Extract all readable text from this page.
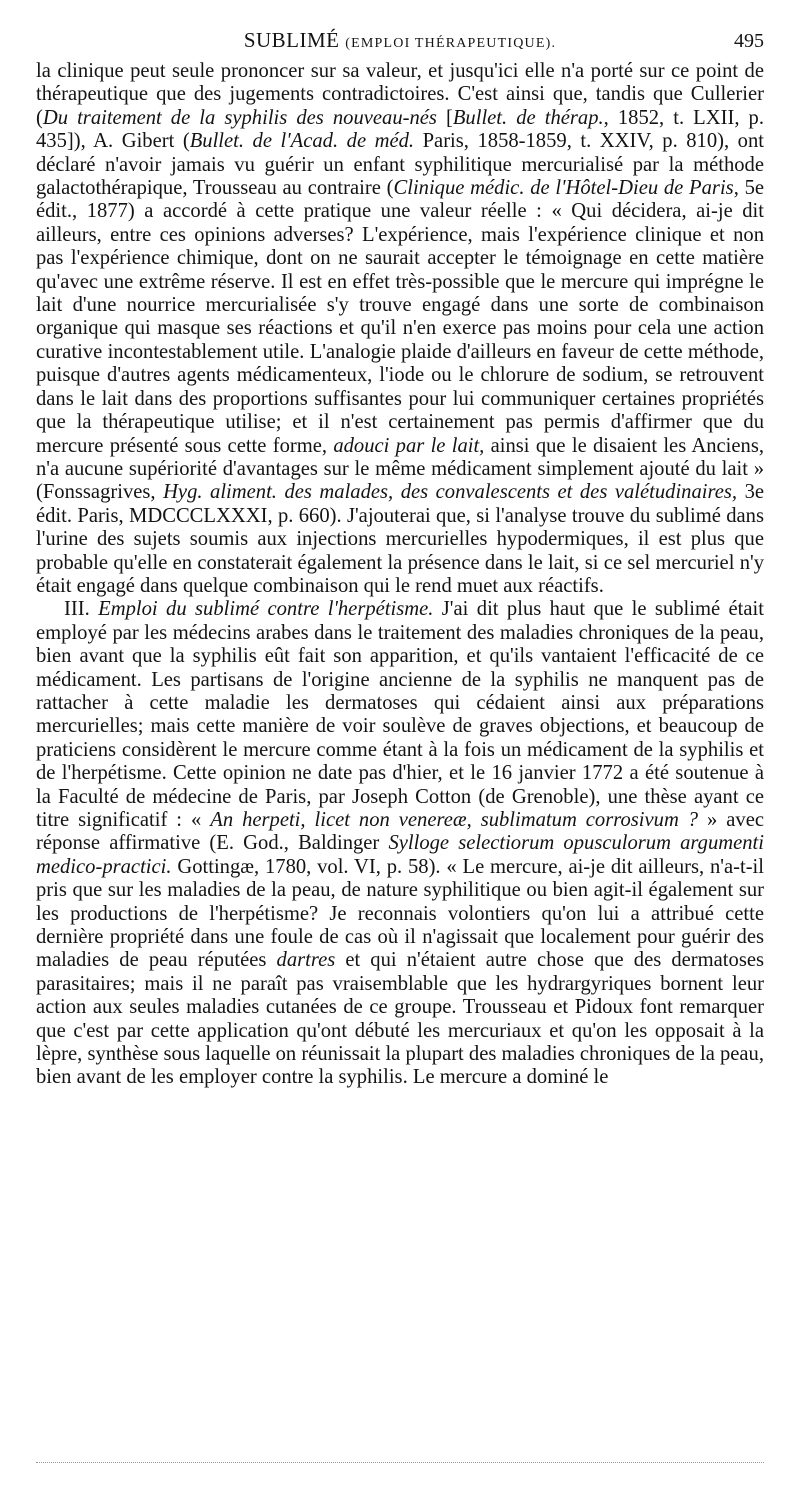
SUBLIMÉ (EMPLOI THÉRAPEUTIQUE).	495

la clinique peut seule prononcer sur sa valeur, et jusqu'ici elle n'a porté sur ce point de thérapeutique que des jugements contradictoires. C'est ainsi que, tandis que Cullerier (Du traitement de la syphilis des nouveau-nés [Bullet. de thérap., 1852, t. LXII, p. 435]), A. Gibert (Bullet. de l'Acad. de méd. Paris, 1858-1859, t. XXIV, p. 810), ont déclaré n'avoir jamais vu guérir un enfant syphilitique mercurialisé par la méthode galactothérapique, Trousseau au contraire (Clinique médic. de l'Hôtel-Dieu de Paris, 5e édit., 1877) a accordé à cette pratique une valeur réelle : « Qui décidera, ai-je dit ailleurs, entre ces opinions adverses? L'expérience, mais l'expérience clinique et non pas l'expérience chimique, dont on ne saurait accepter le témoignage en cette matière qu'avec une extrême réserve. Il est en effet très-possible que le mercure qui imprégne le lait d'une nourrice mercurialisée s'y trouve engagé dans une sorte de combinaison organique qui masque ses réactions et qu'il n'en exerce pas moins pour cela une action curative incontestablement utile. L'analogie plaide d'ailleurs en faveur de cette méthode, puisque d'autres agents médicamenteux, l'iode ou le chlorure de sodium, se retrouvent dans le lait dans des proportions suffisantes pour lui communiquer certaines propriétés que la thérapeutique utilise; et il n'est certainement pas permis d'affirmer que du mercure présenté sous cette forme, adouci par le lait, ainsi que le disaient les Anciens, n'a aucune supériorité d'avantages sur le même médicament simplement ajouté du lait » (Fonssagrives, Hyg. aliment. des malades, des convalescents et des valétudinaires, 3e édit. Paris, MDCCCLXXXI, p. 660). J'ajouterai que, si l'analyse trouve du sublimé dans l'urine des sujets soumis aux injections mercurielles hypodermiques, il est plus que probable qu'elle en constaterait également la présence dans le lait, si ce sel mercuriel n'y était engagé dans quelque combinaison qui le rend muet aux réactifs.

III. Emploi du sublimé contre l'herpétisme. J'ai dit plus haut que le sublimé était employé par les médecins arabes dans le traitement des maladies chroniques de la peau, bien avant que la syphilis eût fait son apparition, et qu'ils vantaient l'efficacité de ce médicament. Les partisans de l'origine ancienne de la syphilis ne manquent pas de rattacher à cette maladie les dermatoses qui cédaient ainsi aux préparations mercurielles; mais cette manière de voir soulève de graves objections, et beaucoup de praticiens considèrent le mercure comme étant à la fois un médicament de la syphilis et de l'herpétisme. Cette opinion ne date pas d'hier, et le 16 janvier 1772 a été soutenue à la Faculté de médecine de Paris, par Joseph Cotton (de Grenoble), une thèse ayant ce titre significatif : « An herpeti, licet non venereæ, sublimatum corrosivum ? » avec réponse affirmative (E. God., Baldinger Sylloge selectiorum opusculorum argumenti medico-practici. Gottingæ, 1780, vol. VI, p. 58). « Le mercure, ai-je dit ailleurs, n'a-t-il pris que sur les maladies de la peau, de nature syphilitique ou bien agit-il également sur les productions de l'herpétisme? Je reconnais volontiers qu'on lui a attribué cette dernière propriété dans une foule de cas où il n'agissait que localement pour guérir des maladies de peau réputées dartres et qui n'étaient autre chose que des dermatoses parasitaires; mais il ne paraît pas vraisemblable que les hydrargyriques bornent leur action aux seules maladies cutanées de ce groupe. Trousseau et Pidoux font remarquer que c'est par cette application qu'ont débuté les mercuriaux et qu'on les opposait à la lèpre, synthèse sous laquelle on réunissait la plupart des maladies chroniques de la peau, bien avant de les employer contre la syphilis. Le mercure a dominé le
